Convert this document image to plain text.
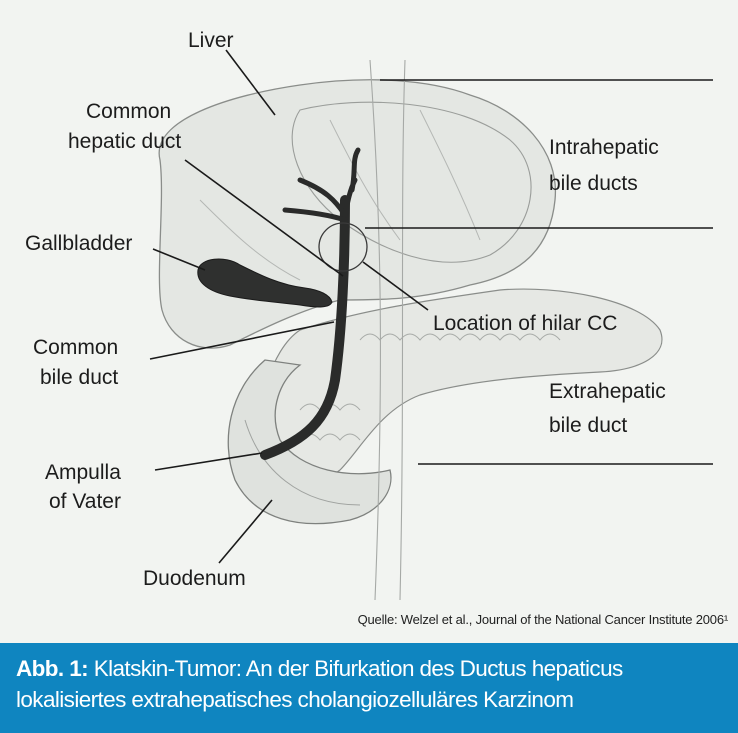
Liver
Common
hepatic duct
Gallbladder
Common
bile duct
Ampulla
of Vater
Duodenum
Intrahepatic
bile ducts
Location of hilar CC
Extrahepatic
bile duct
Quelle: Welzel et al., Journal of the National Cancer Institute 2006¹
Abb. 1: Klatskin-Tumor: An der Bifurkation des Ductus hepaticus lokalisiertes extrahepatisches cholangiozelluläres Karzinom
